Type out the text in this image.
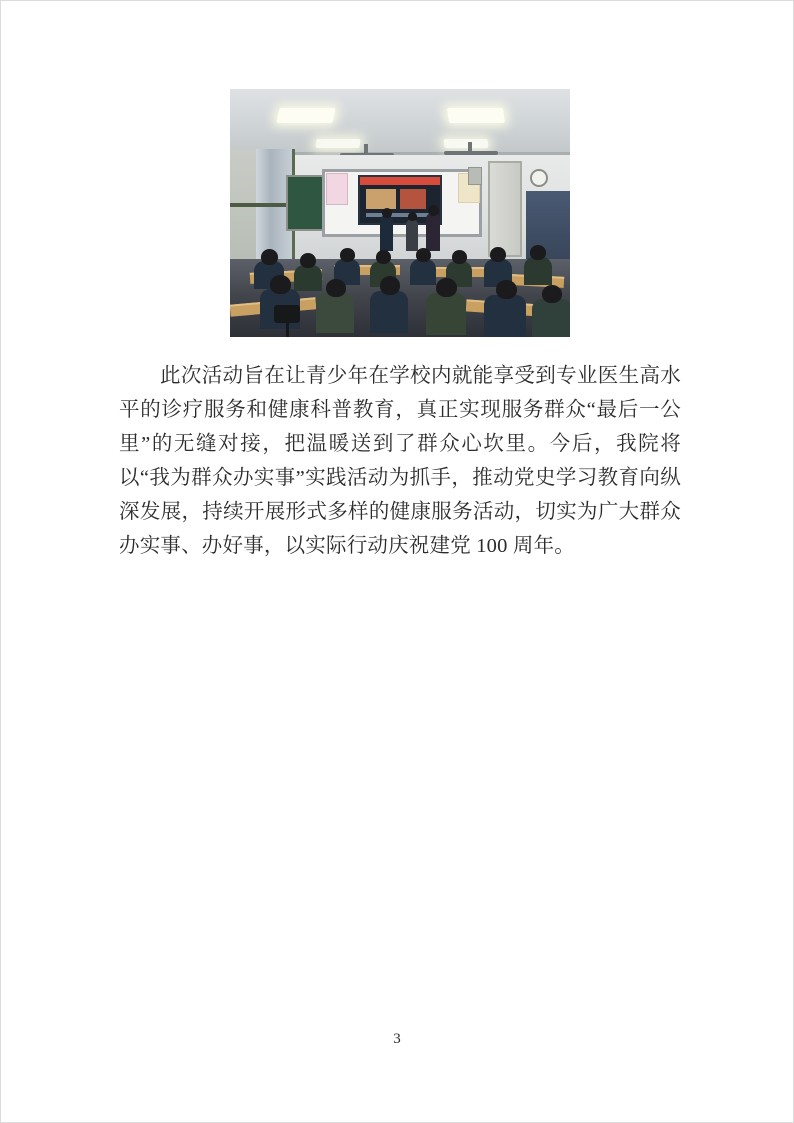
此次活动旨在让青少年在学校内就能享受到专业医生高水平的诊疗服务和健康科普教育，真正实现服务群众“最后一公里”的无缝对接，把温暖送到了群众心坎里。今后，我院将以“我为群众办实事”实践活动为抓手，推动党史学习教育向纵深发展，持续开展形式多样的健康服务活动，切实为广大群众办实事、办好事，以实际行动庆祝建党 100 周年。

3
